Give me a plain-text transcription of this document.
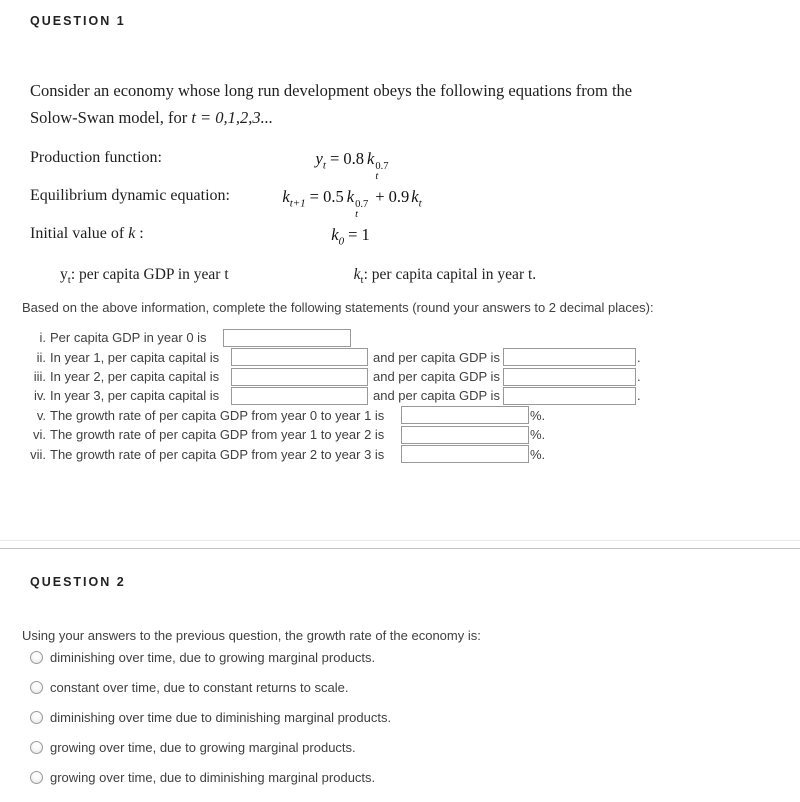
QUESTION 1

Consider an economy whose long run development obeys the following equations from the Solow-Swan model, for t = 0,1,2,3...

Production function:	$y_t = 0.8$ k 0.7
t
Equilibrium dynamic equation:	$k_{t+1} = 0.5$ k 0.7
t
+ 0.9 $k_t$
Initial value of k :	$k_0 = 1$
$y_t$: per capita GDP in year t	$k_t$: per capita capital in year t.

Based on the above information, complete the following statements (round your answers to 2 decimal places):

i. Per capita GDP in year 0 is
ii. In year 1, per capita capital is	and per capita GDP is	.
iii. In year 2, per capita capital is	and per capita GDP is	.
iv. In year 3, per capita capital is	and per capita GDP is	.
v. The growth rate of per capita GDP from year 0 to year 1 is	%.
vi. The growth rate of per capita GDP from year 1 to year 2 is	%.
vii. The growth rate of per capita GDP from year 2 to year 3 is	%.
QUESTION 2

Using your answers to the previous question, the growth rate of the economy is:

diminishing over time, due to growing marginal products.
constant over time, due to constant returns to scale.
diminishing over time due to diminishing marginal products.
growing over time, due to growing marginal products.
growing over time, due to diminishing marginal products.
